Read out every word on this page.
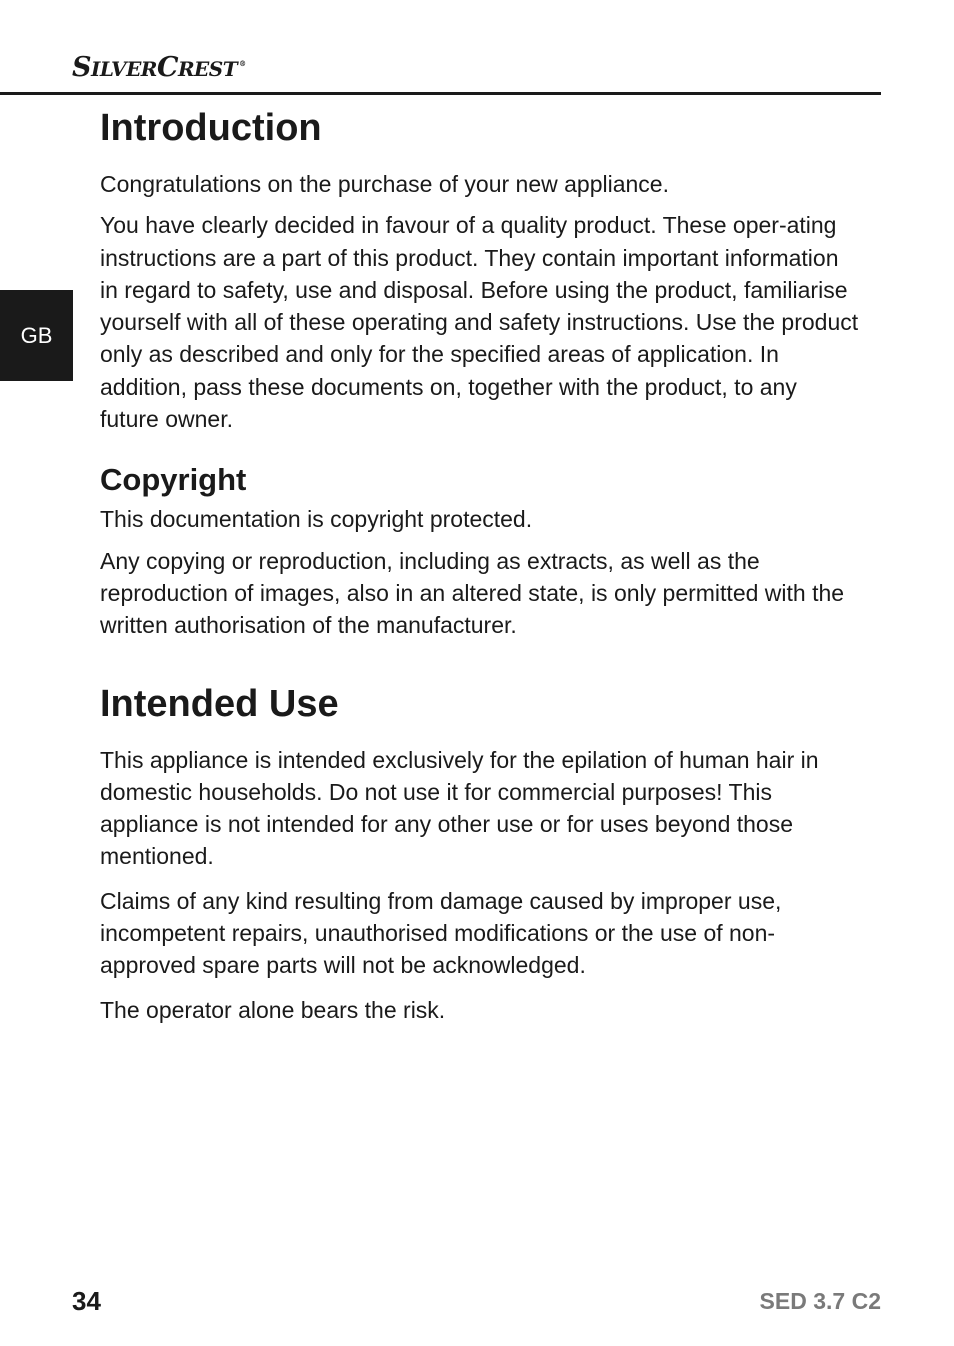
SILVERCREST ®
GB
Introduction

Congratulations on the purchase of your new appliance.

You have clearly decided in favour of a quality product. These oper-ating instructions are a part of this product. They contain important information in regard to safety, use and disposal. Before using the product, familiarise yourself with all of these operating and safety instructions. Use the product only as described and only for the specified areas of application. In addition, pass these documents on, together with the product, to any future owner.

Copyright

This documentation is copyright protected.

Any copying or reproduction, including as extracts, as well as the reproduction of images, also in an altered state, is only permitted with the written authorisation of the manufacturer.

Intended Use

This appliance is intended exclusively for the epilation of human hair in domestic households. Do not use it for commercial purposes! This appliance is not intended for any other use or for uses beyond those mentioned.

Claims of any kind resulting from damage caused by improper use, incompetent repairs, unauthorised modifications or the use of non-approved spare parts will not be acknowledged.

The operator alone bears the risk.

34	SED 3.7 C2
